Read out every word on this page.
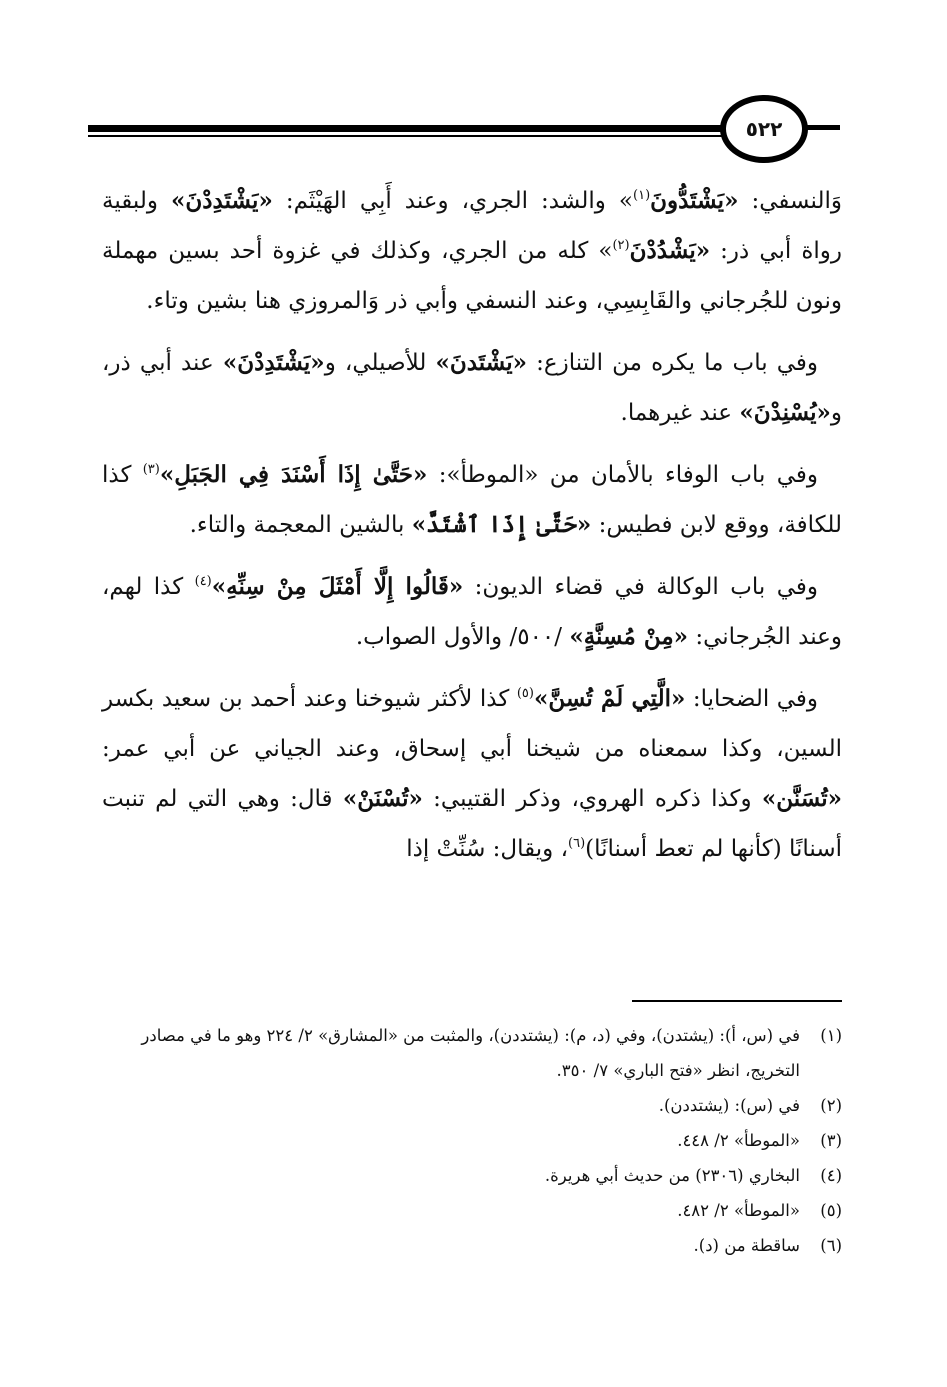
٥٢٢

وَالنسفي: «يَشْتَدُّونَ$^{(١)}$» والشد: الجري، وعند أَبِي الهَيْثَم: «يَشْتَدِدْنَ» ولبقية رواة أبي ذر: «يَشْدُدْنَ$^{(٢)}$» كله من الجري، وكذلك في غزوة أحد بسين مهملة ونون للجُرجاني والقَابِسِي، وعند النسفي وأبي ذر وَالمروزي هنا بشين وتاء.

وفي باب ما يكره من التنازع: «يَشْتَدنَ» للأصيلي، و«يَشْتَدِدْنَ» عند أبي ذر، و«يُسْنِدْنَ» عند غيرهما.

وفي باب الوفاء بالأمان من «الموطأ»: «حَتَّىٰ إِذَا أَسْنَدَ فِي الجَبَلِ»$^{(٣)}$ كذا للكافة، ووقع لابن فطيس: «حَتَّىٰ إِذَا ٱشْتَدَّ» بالشين المعجمة والتاء.

وفي باب الوكالة في قضاء الديون: «قَالُوا إِلَّا أَمْثَلَ مِنْ سِنِّهِ»$^{(٤)}$ كذا لهم، وعند الجُرجاني: «مِنْ مُسِنَّةٍ» /٥٠٠/ والأول الصواب.

وفي الضحايا: «الَّتِي لَمْ تُسِنَّ»$^{(٥)}$ كذا لأكثر شيوخنا وعند أحمد بن سعيد بكسر السين، وكذا سمعناه من شيخنا أبي إسحاق، وعند الجياني عن أبي عمر: «تُسَنَّن» وكذا ذكره الهروي، وذكر القتيبي: «تُسْنَنْ» قال: وهي التي لم تنبت أسنانًا (كأنها لم تعط أسنانًا)$^{(٦)}$، ويقال: سُنِّتْ إذا

(١)
في (س، أ): (يشتدن)، وفي (د، م): (يشتددن)، والمثبت من «المشارق» ٢/ ٢٢٤ وهو ما في مصادر التخريج، انظر «فتح الباري» ٧/ ٣٥٠.
(٢)
في (س): (يشتددن).
(٣)
«الموطأ» ٢/ ٤٤٨.
(٤)
البخاري (٢٣٠٦) من حديث أبي هريرة.
(٥)
«الموطأ» ٢/ ٤٨٢.
(٦)
ساقطة من (د).
